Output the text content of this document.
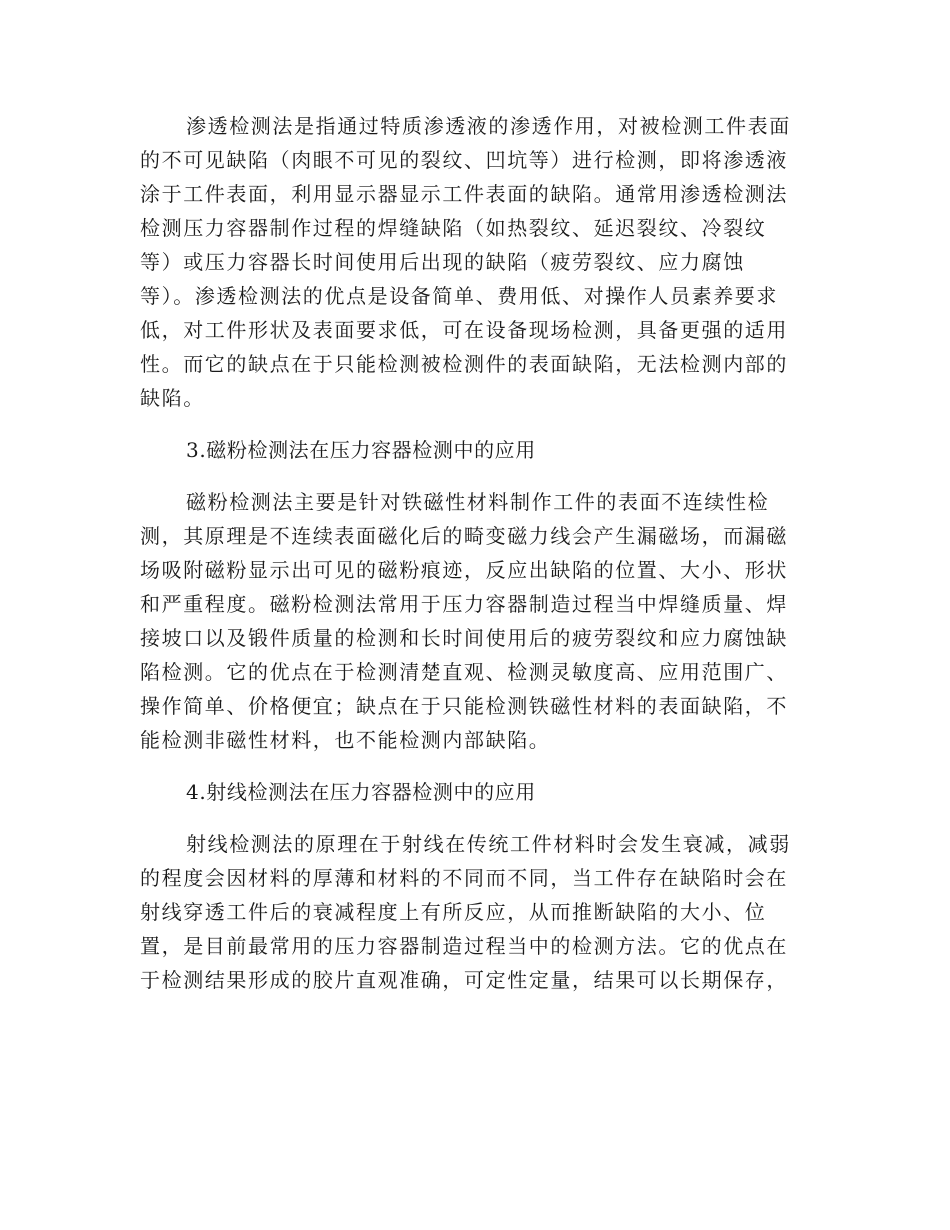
渗透检测法是指通过特质渗透液的渗透作用，对被检测工件表面
的不可见缺陷（肉眼不可见的裂纹、凹坑等）进行检测，即将渗透液
涂于工件表面，利用显示器显示工件表面的缺陷。通常用渗透检测法
检测压力容器制作过程的焊缝缺陷（如热裂纹、延迟裂纹、冷裂纹
等）或压力容器长时间使用后出现的缺陷（疲劳裂纹、应力腐蚀
等）。渗透检测法的优点是设备简单、费用低、对操作人员素养要求
低，对工件形状及表面要求低，可在设备现场检测，具备更强的适用
性。而它的缺点在于只能检测被检测件的表面缺陷，无法检测内部的
缺陷。
3.磁粉检测法在压力容器检测中的应用
磁粉检测法主要是针对铁磁性材料制作工件的表面不连续性检
测，其原理是不连续表面磁化后的畸变磁力线会产生漏磁场，而漏磁
场吸附磁粉显示出可见的磁粉痕迹，反应出缺陷的位置、大小、形状
和严重程度。磁粉检测法常用于压力容器制造过程当中焊缝质量、焊
接坡口以及锻件质量的检测和长时间使用后的疲劳裂纹和应力腐蚀缺
陷检测。它的优点在于检测清楚直观、检测灵敏度高、应用范围广、
操作简单、价格便宜；缺点在于只能检测铁磁性材料的表面缺陷，不
能检测非磁性材料，也不能检测内部缺陷。
4.射线检测法在压力容器检测中的应用
射线检测法的原理在于射线在传统工件材料时会发生衰减，减弱
的程度会因材料的厚薄和材料的不同而不同，当工件存在缺陷时会在
射线穿透工件后的衰减程度上有所反应，从而推断缺陷的大小、位
置，是目前最常用的压力容器制造过程当中的检测方法。它的优点在
于检测结果形成的胶片直观准确，可定性定量，结果可以长期保存，
